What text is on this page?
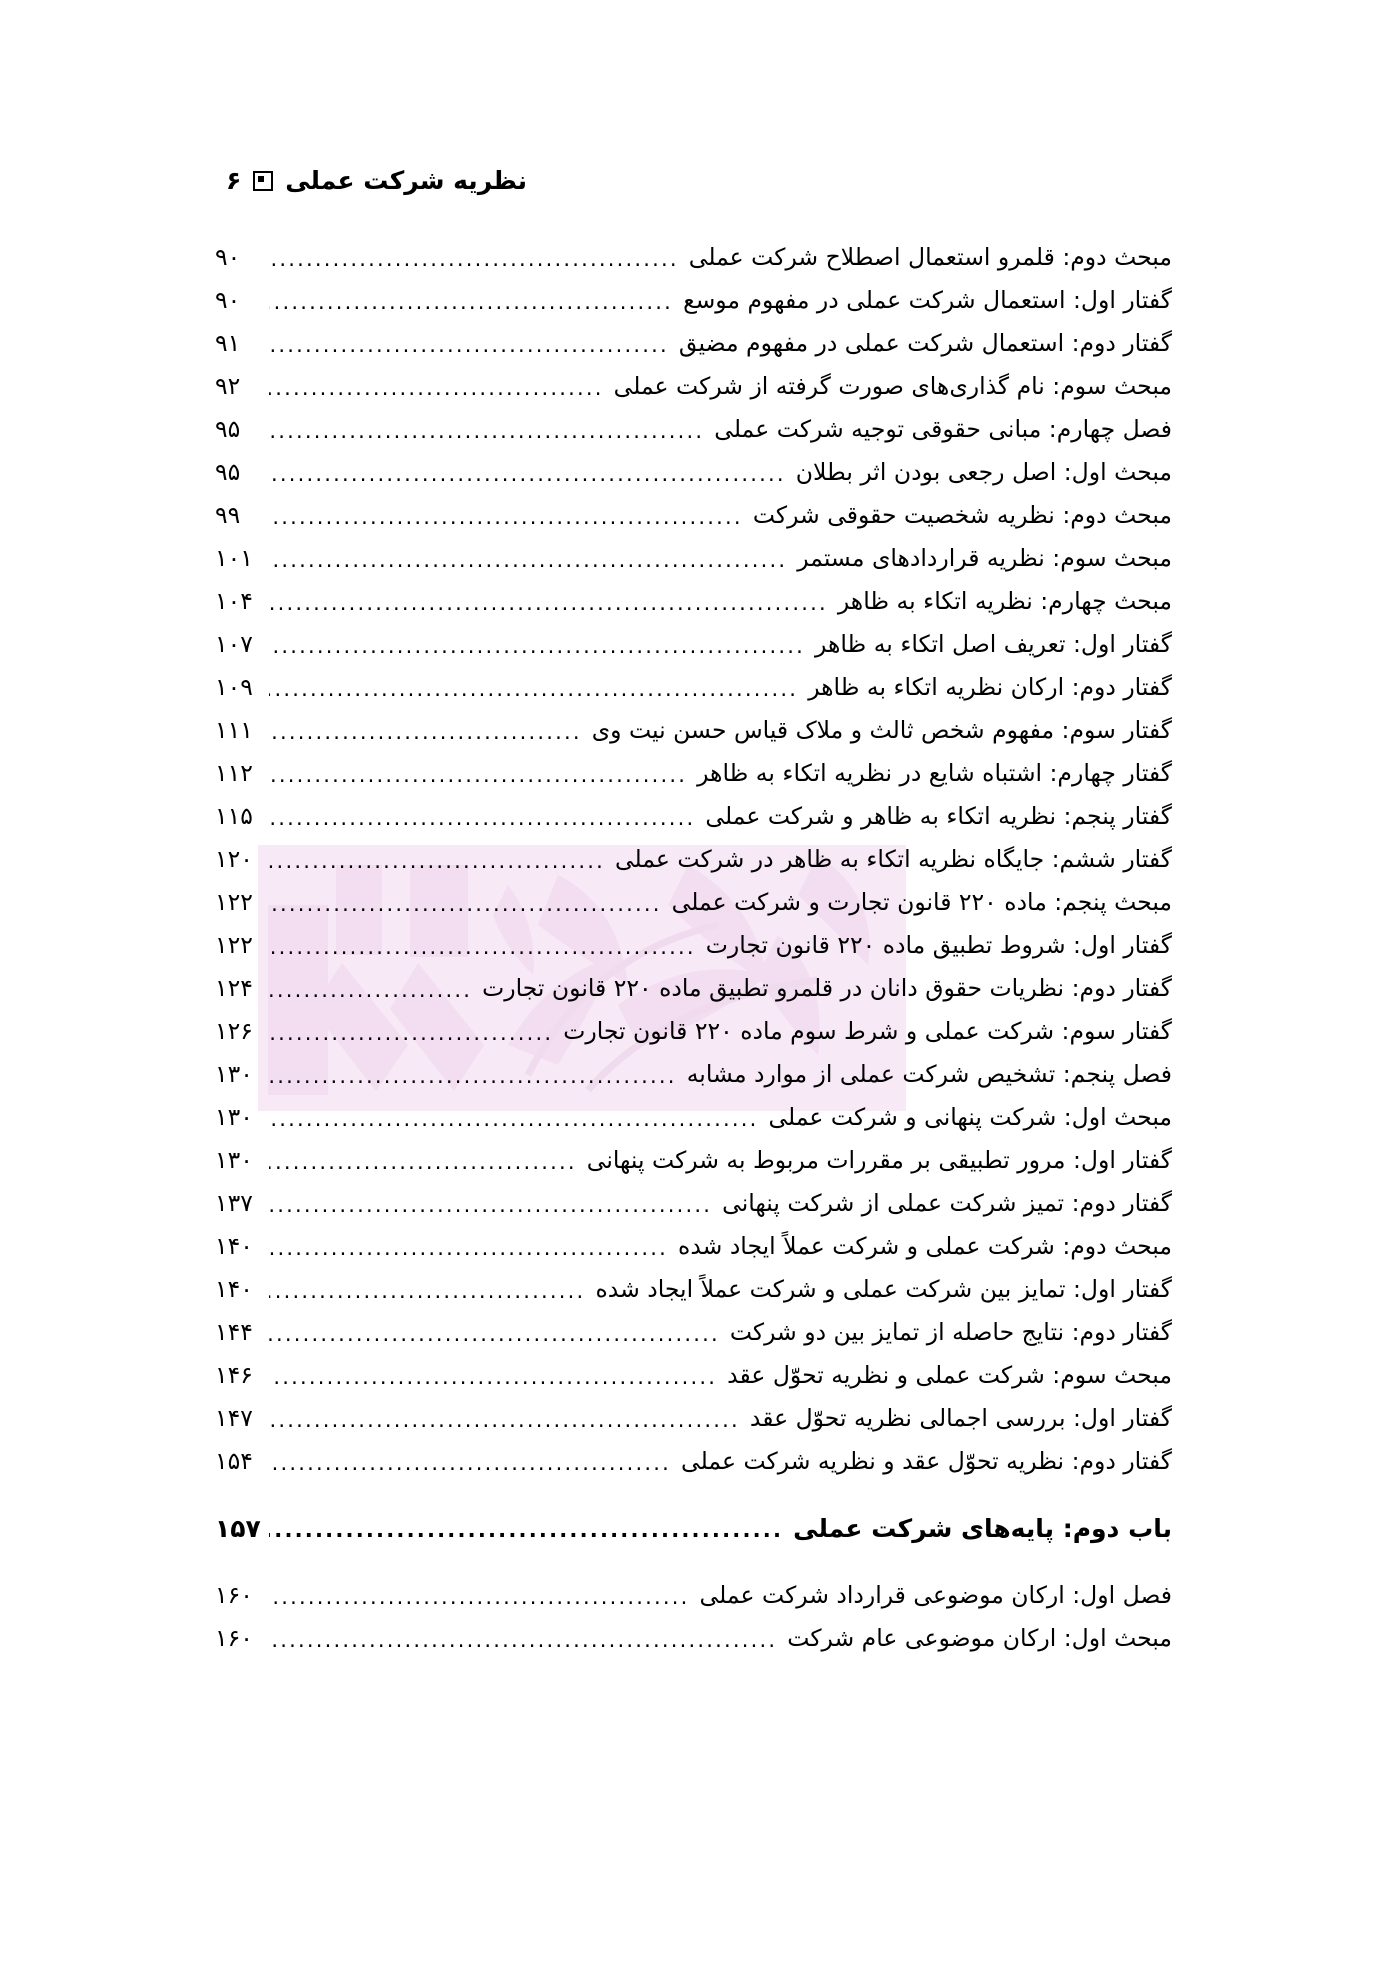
نظریه شرکت عملی
۶
مبحث دوم: قلمرو استعمال اصطلاح شرکت عملی
.....
۹۰
گفتار اول: استعمال شرکت عملی در مفهوم موسع
.....
۹۰
گفتار دوم: استعمال شرکت عملی در مفهوم مضیق
.....
۹۱
مبحث سوم: نام گذاری‌های صورت گرفته از شرکت عملی
.....
۹۲
فصل چهارم: مبانی حقوقی توجیه شرکت عملی
.....
۹۵
مبحث اول: اصل رجعی بودن اثر بطلان
.....
۹۵
مبحث دوم: نظریه شخصیت حقوقی شرکت
.....
۹۹
مبحث سوم: نظریه قراردادهای مستمر
.....
۱۰۱
مبحث چهارم: نظریه اتکاء به ظاهر
.....
۱۰۴
گفتار اول: تعریف اصل اتکاء به ظاهر
.....
۱۰۷
گفتار دوم: ارکان نظریه اتکاء به ظاهر
.....
۱۰۹
گفتار سوم: مفهوم شخص ثالث و ملاک قیاس حسن نیت وی
.....
۱۱۱
گفتار چهارم: اشتباه شایع در نظریه اتکاء به ظاهر
.....
۱۱۲
گفتار پنجم: نظریه اتکاء به ظاهر و شرکت عملی
.....
۱۱۵
گفتار ششم: جایگاه نظریه اتکاء به ظاهر در شرکت عملی
.....
۱۲۰
مبحث پنجم: ماده ۲۲۰ قانون تجارت و شرکت عملی
.....
۱۲۲
گفتار اول: شروط تطبیق ماده ۲۲۰ قانون تجارت
.....
۱۲۲
گفتار دوم: نظریات حقوق دانان در قلمرو تطبیق ماده ۲۲۰ قانون تجارت
.....
۱۲۴
گفتار سوم: شرکت عملی و شرط سوم ماده ۲۲۰ قانون تجارت
.....
۱۲۶
فصل پنجم: تشخیص شرکت عملی از موارد مشابه
.....
۱۳۰
مبحث اول: شرکت پنهانی و شرکت عملی
.....
۱۳۰
گفتار اول: مرور تطبیقی بر مقررات مربوط به شرکت پنهانی
.....
۱۳۰
گفتار دوم: تمیز شرکت عملی از شرکت پنهانی
.....
۱۳۷
مبحث دوم: شرکت عملی و شرکت عملاً ایجاد شده
.....
۱۴۰
گفتار اول: تمایز بین شرکت عملی و شرکت عملاً ایجاد شده
.....
۱۴۰
گفتار دوم: نتایج حاصله از تمایز بین دو شرکت
.....
۱۴۴
مبحث سوم: شرکت عملی و نظریه تحوّل عقد
.....
۱۴۶
گفتار اول: بررسی اجمالی نظریه تحوّل عقد
.....
۱۴۷
گفتار دوم: نظریه تحوّل عقد و نظریه شرکت عملی
.....
۱۵۴
باب دوم: پایه‌های شرکت عملی
.....
۱۵۷
فصل اول: ارکان موضوعی قرارداد شرکت عملی
.....
۱۶۰
مبحث اول: ارکان موضوعی عام شرکت
.....
۱۶۰
